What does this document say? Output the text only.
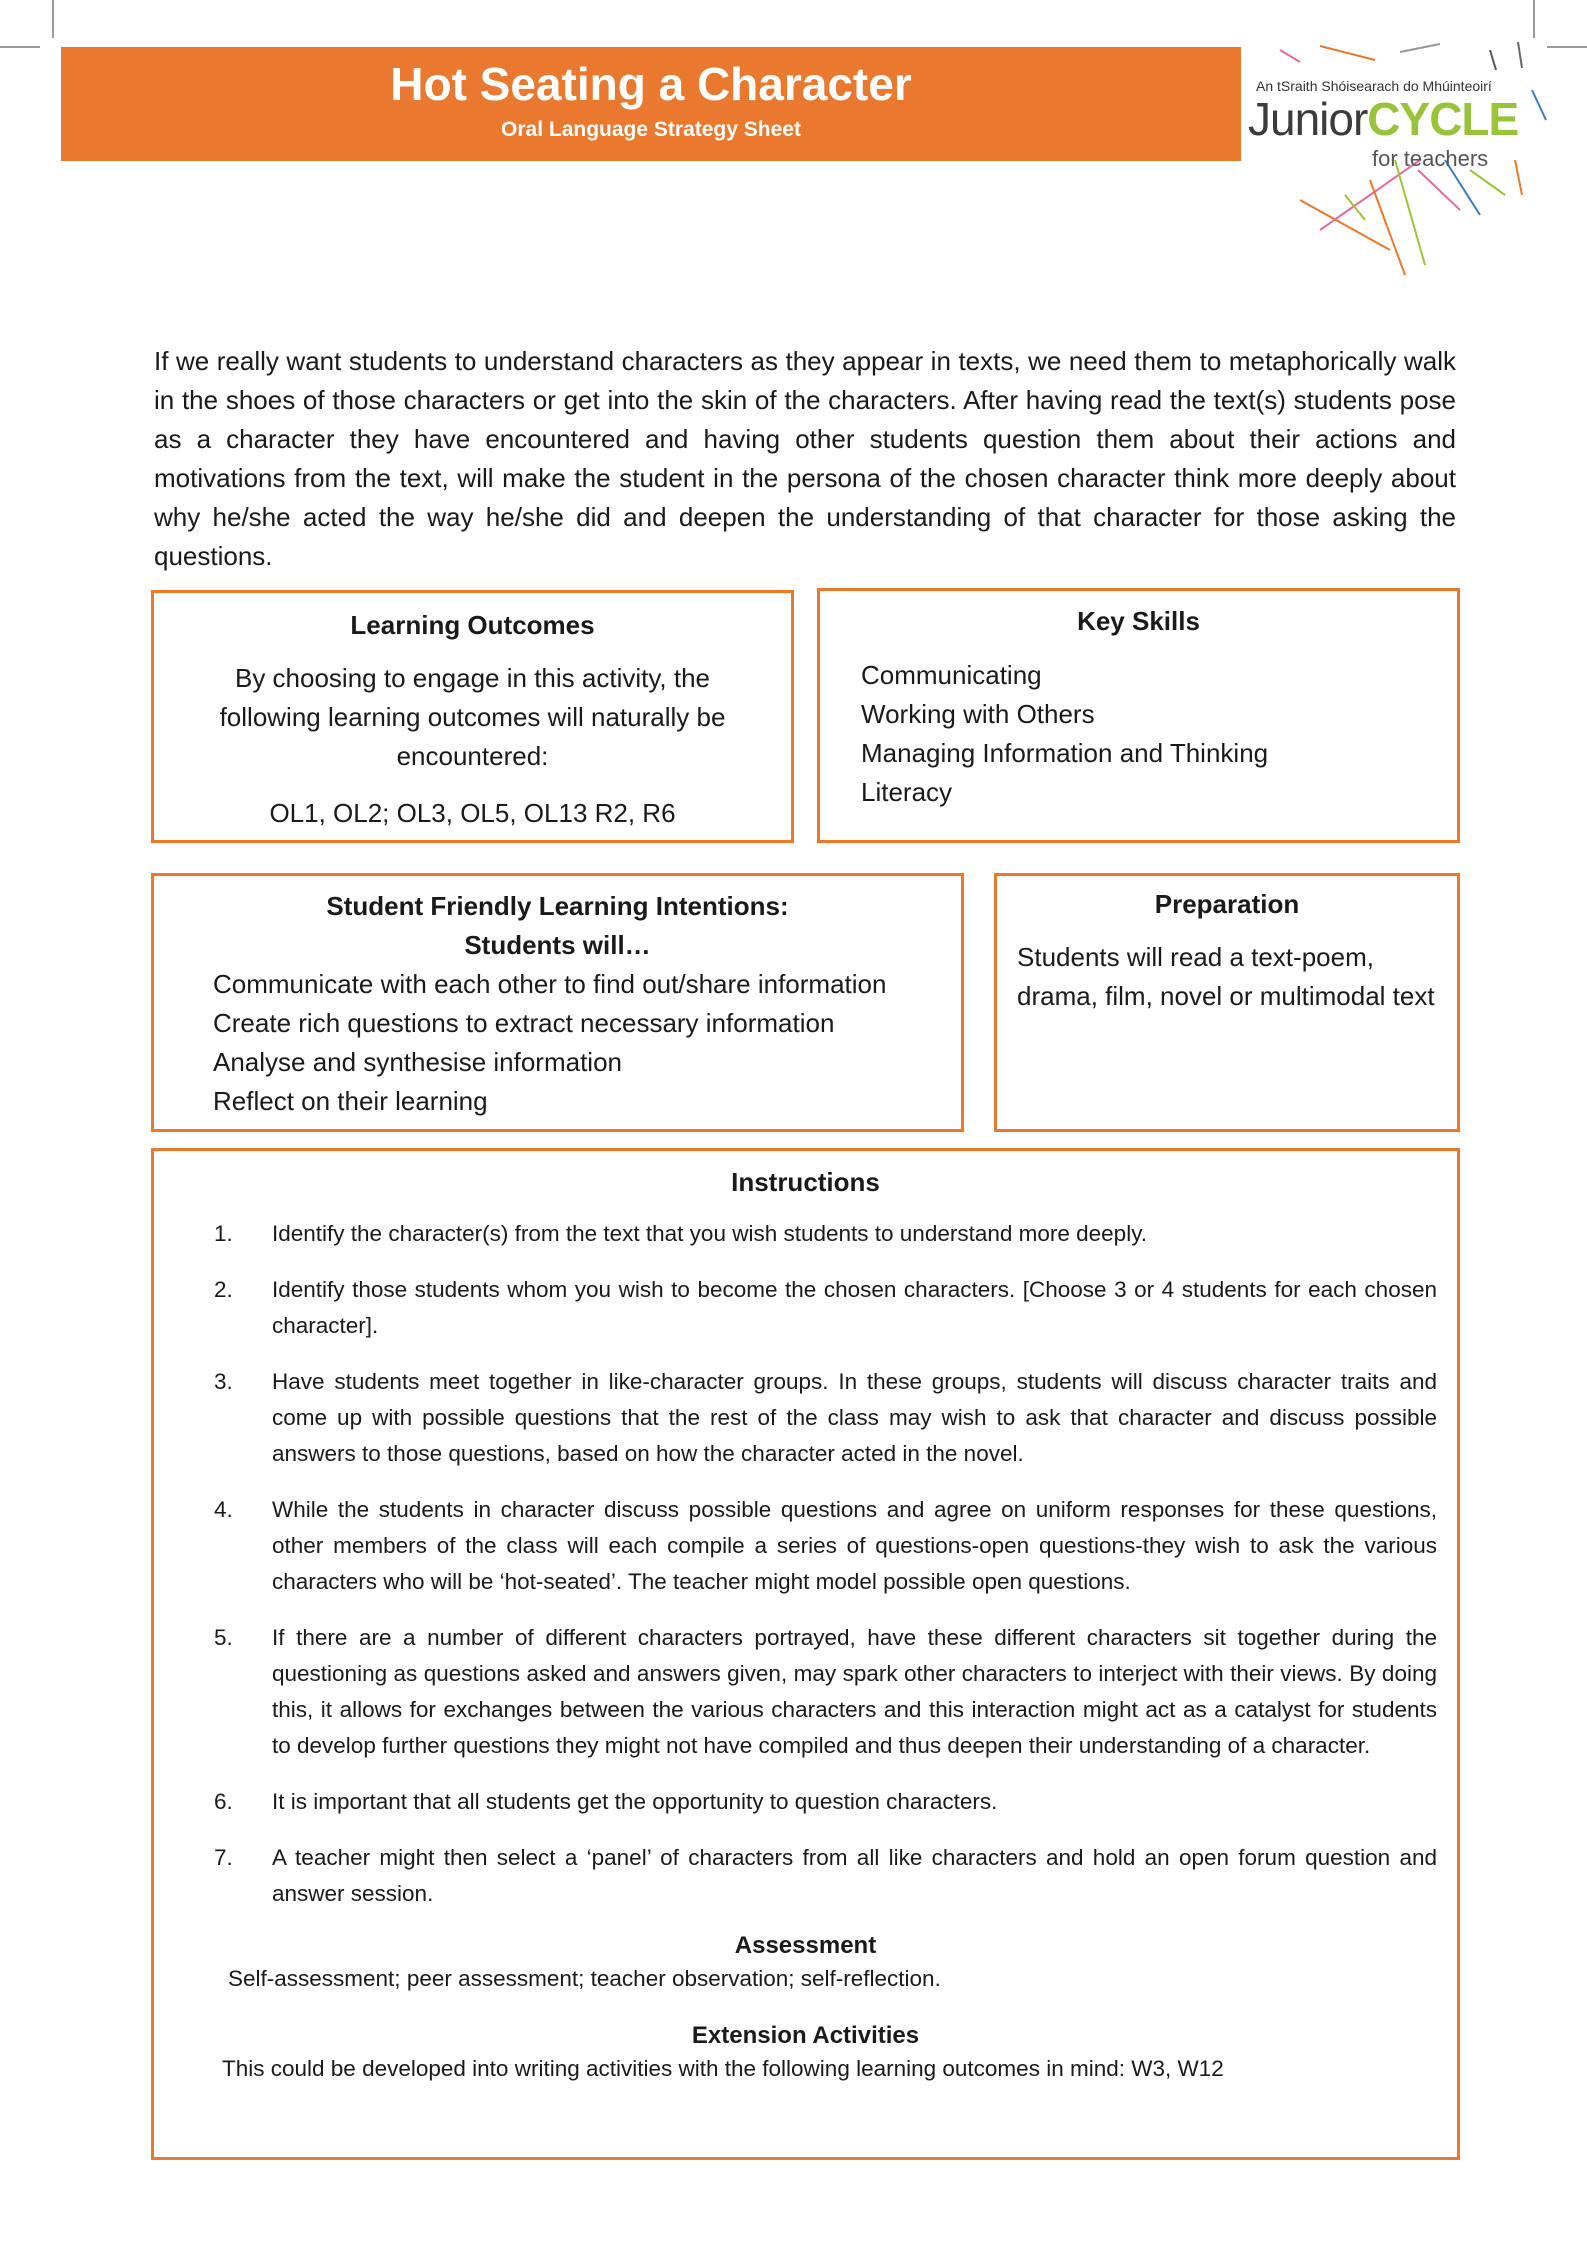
Hot Seating a Character
Oral Language Strategy Sheet
An tSraith Shóisearach do Mhúinteoirí
JuniorCYCLE
for teachers

If we really want students to understand characters as they appear in texts, we need them to metaphorically walk in the shoes of those characters or get into the skin of the characters. After having read the text(s) students pose as a character they have encountered and having other students question them about their actions and motivations from the text, will make the student in the persona of the chosen character think more deeply about why he/she acted the way he/she did and deepen the understanding of that character for those asking the questions.

Learning Outcomes
By choosing to engage in this activity, the following learning outcomes will naturally be encountered:
OL1, OL2; OL3, OL5, OL13 R2, R6
Key Skills
Communicating
Working with Others
Managing Information and Thinking
Literacy
Student Friendly Learning Intentions:
Students will…
Communicate with each other to find out/share information
Create rich questions to extract necessary information
Analyse and synthesise information
Reflect on their learning
Preparation
Students will read a text-poem, drama, film, novel or multimodal text
Instructions
1.	Identify the character(s) from the text that you wish students to understand more deeply.
2.	Identify those students whom you wish to become the chosen characters. [Choose 3 or 4 students for each chosen character].
3.	Have students meet together in like-character groups. In these groups, students will discuss character traits and come up with possible questions that the rest of the class may wish to ask that character and discuss possible answers to those questions, based on how the character acted in the novel.
4.	While the students in character discuss possible questions and agree on uniform responses for these questions, other members of the class will each compile a series of questions-open questions-they wish to ask the various characters who will be ‘hot-seated’. The teacher might model possible open questions.
5.	If there are a number of different characters portrayed, have these different characters sit together during the questioning as questions asked and answers given, may spark other characters to interject with their views. By doing this, it allows for exchanges between the various characters and this interaction might act as a catalyst for students to develop further questions they might not have compiled and thus deepen their understanding of a character.
6.	It is important that all students get the opportunity to question characters.
7.	A teacher might then select a ‘panel’ of characters from all like characters and hold an open forum question and answer session.
Assessment
Self-assessment; peer assessment; teacher observation; self-reflection.
Extension Activities
This could be developed into writing activities with the following learning outcomes in mind: W3, W12
